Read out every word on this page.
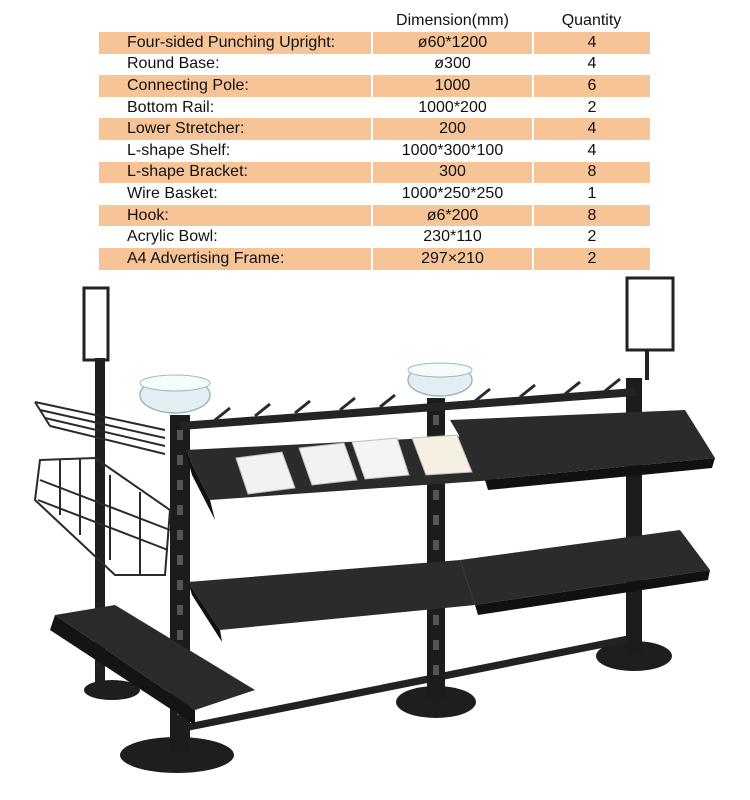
	Dimension(mm)	Quantity
Four-sided Punching Upright:	ø60*1200	4
Round Base:	ø300	4
Connecting Pole:	1000	6
Bottom Rail:	1000*200	2
Lower Stretcher:	200	4
L-shape Shelf:	1000*300*100	4
L-shape Bracket:	300	8
Wire Basket:	1000*250*250	1
Hook:	ø6*200	8
Acrylic Bowl:	230*110	2
A4 Advertising Frame:	297×210	2
